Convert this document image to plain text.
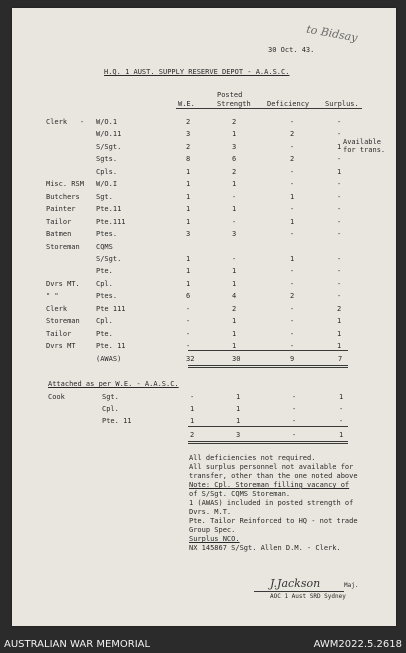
to Bidsay
30 Oct. 43.
H.Q. 1 AUST. SUPPLY RESERVE DEPOT - A.A.S.C.
W.E.
Posted
Strength Deficiency Surplus.
Clerk - W/O.1	2	2	-	-
W/O.11	3	1	2	-
S/Sgt.	2	3	-	1
Sgts.	8	6	2	-
Cpls.	1	2	-	1
Misc. RSM W/O.I	1	1	-	-
Butchers Sgt.	1	-	1	-
Painter	Pte.11	1	1	-	-
Tailor	Pte.111	1	-	1	-
Batmen	Ptes.	3	3	-	-
Storeman CQMS
S/Sgt.	1	-	1	-
Pte.	1	1	-	-
Dvrs MT. Cpl.	1	1	-	-
" "	Ptes.	6	4	2	-
Clerk	Pte 111	-	2	-	2
Storeman Cpl.	-	1	-	1
Tailor	Pte.	-	1	-	1
Dvrs MT	Pte. 11	-	1	-	1
(AWAS)
Available
for trans.
32	30	9	7
Attached as per W.E. - A.A.S.C.
Cook	Sgt.	-	1	-	1
Cpl.	1	1	-	-
Pte. 11	1	1	-	-
2	3	-	1
All deficiencies not required.
All surplus personnel not available for
transfer, other than the one noted above
Note: Cpl. Storeman filling vacancy of
of S/Sgt. CQMS Storeman.
1 (AWAS) included in posted strength of
Dvrs. M.T.
Pte. Tailor Reinforced to HQ - not trade
Group Spec.
Surplus NCO.
NX 145867 S/Sgt. Allen D.M. - Clerk.
J.Jackson	Maj.
AOC 1 Aust SRD Sydney
AUSTRALIAN WAR MEMORIAL	AWM2022.5.2618
